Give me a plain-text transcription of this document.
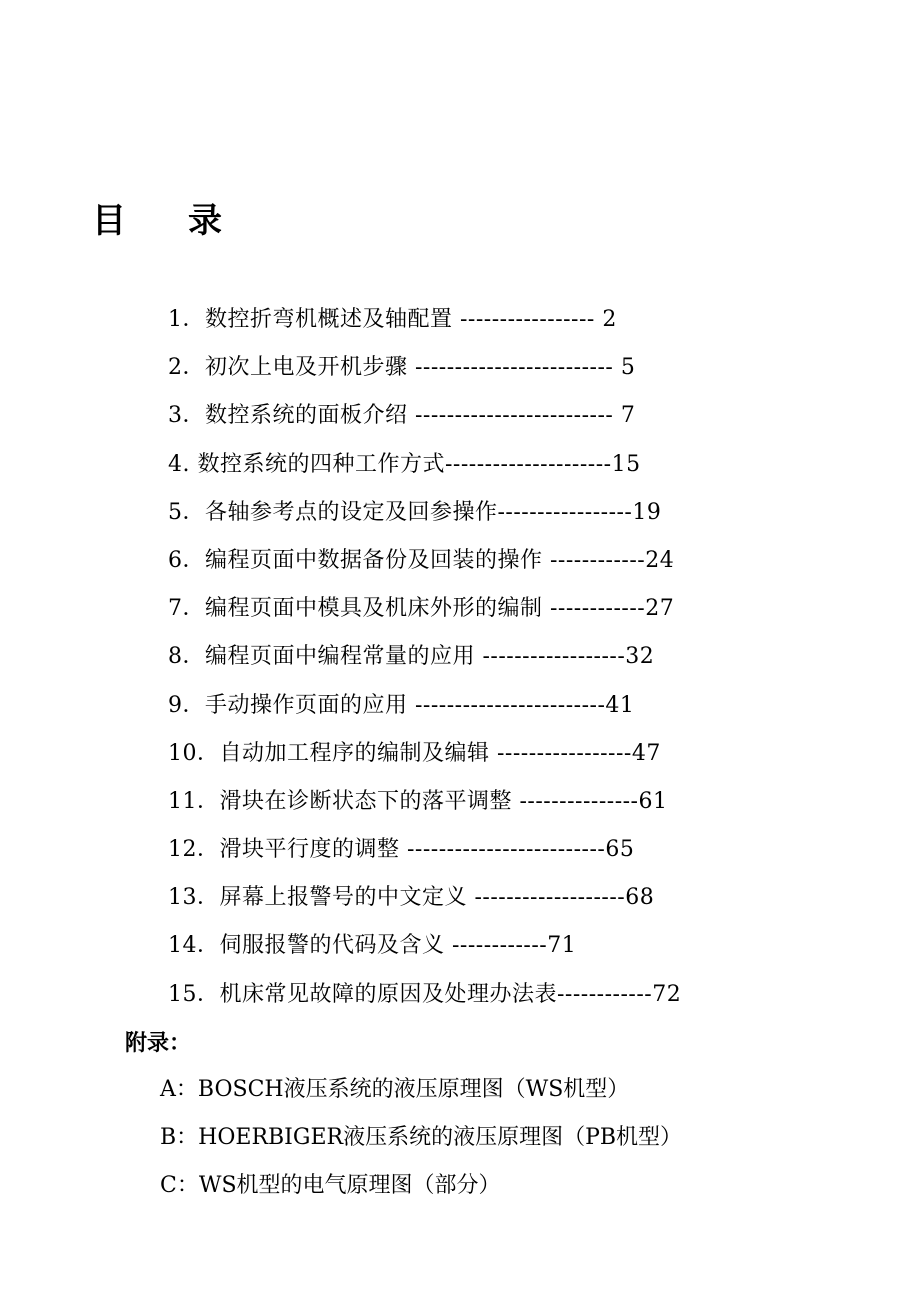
目录
1．数控折弯机概述及轴配置 ----------------- 2
2．初次上电及开机步骤 ------------------------- 5
3．数控系统的面板介绍 ------------------------- 7
4. 数控系统的四种工作方式---------------------15
5．各轴参考点的设定及回参操作-----------------19
6．编程页面中数据备份及回装的操作 ------------24
7．编程页面中模具及机床外形的编制 ------------27
8．编程页面中编程常量的应用 ------------------32
9．手动操作页面的应用 ------------------------41
10．自动加工程序的编制及编辑 -----------------47
11．滑块在诊断状态下的落平调整 ---------------61
12．滑块平行度的调整 -------------------------65
13．屏幕上报警号的中文定义 -------------------68
14．伺服报警的代码及含义 ------------71
15．机床常见故障的原因及处理办法表------------72
附录：
A：BOSCH液压系统的液压原理图（WS机型）
B：HOERBIGER液压系统的液压原理图（PB机型）
C：WS机型的电气原理图（部分）
